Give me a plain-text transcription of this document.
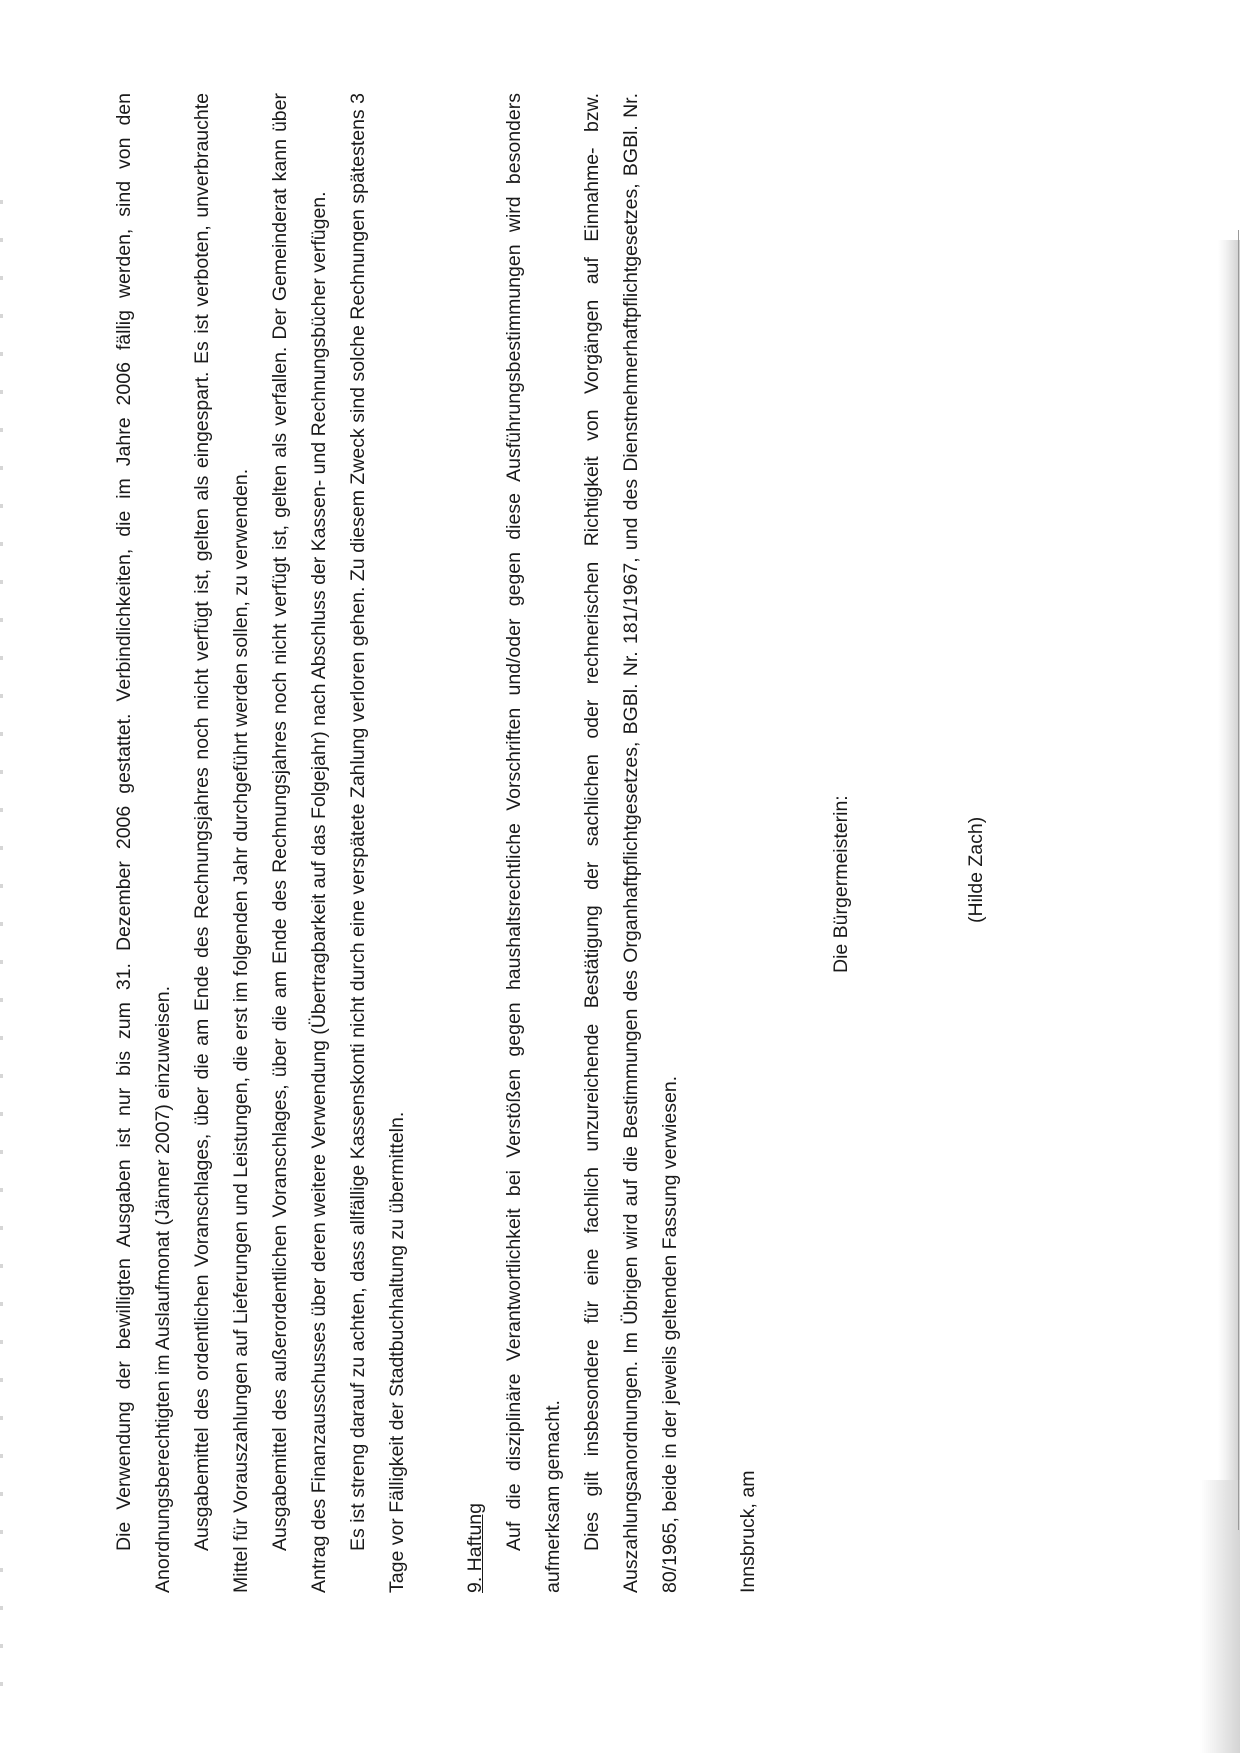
Die Verwendung der bewilligten Ausgaben ist nur bis zum 31. Dezember 2006 gestattet. Verbindlichkeiten, die im Jahre 2006 fällig werden, sind von den Anordnungsberechtigten im Auslaufmonat (Jänner 2007) einzuweisen. Ausgabemittel des ordentlichen Voranschlages, über die am Ende des Rechnungsjahres noch nicht verfügt ist, gelten als eingespart. Es ist verboten, unverbrauchte Mittel für Vorauszahlungen auf Lieferungen und Leistungen, die erst im folgenden Jahr durchgeführt werden sollen, zu verwenden. Ausgabemittel des außerordentlichen Voranschlages, über die am Ende des Rechnungsjahres noch nicht verfügt ist, gelten als verfallen. Der Gemeinderat kann über Antrag des Finanzausschusses über deren weitere Verwendung (Übertragbarkeit auf das Folgejahr) nach Abschluss der Kassen- und Rechnungsbücher verfügen. Es ist streng darauf zu achten, dass allfällige Kassenskonti nicht durch eine verspätete Zahlung verloren gehen. Zu diesem Zweck sind solche Rechnungen spätestens 3 Tage vor Fälligkeit der Stadtbuchhaltung zu übermitteln.	9. Haftung Auf die disziplinäre Verantwortlichkeit bei Verstößen gegen haushaltsrechtliche Vorschriften und/oder gegen diese Ausführungsbestimmungen wird besonders aufmerksam gemacht. Dies gilt insbesondere für eine fachlich unzureichende Bestätigung der sachlichen oder rechnerischen Richtigkeit von Vorgängen auf Einnahme- bzw. Auszahlungsanordnungen. Im Übrigen wird auf die Bestimmungen des Organhaftpflichtgesetzes, BGBl. Nr. 181/1967, und des Dienstnehmerhaftpflichtgesetzes, BGBl. Nr. 80/1965, beide in der jeweils geltenden Fassung verwiesen.	Innsbruck, am

Die Bürgermeisterin:	(Hilde Zach)
